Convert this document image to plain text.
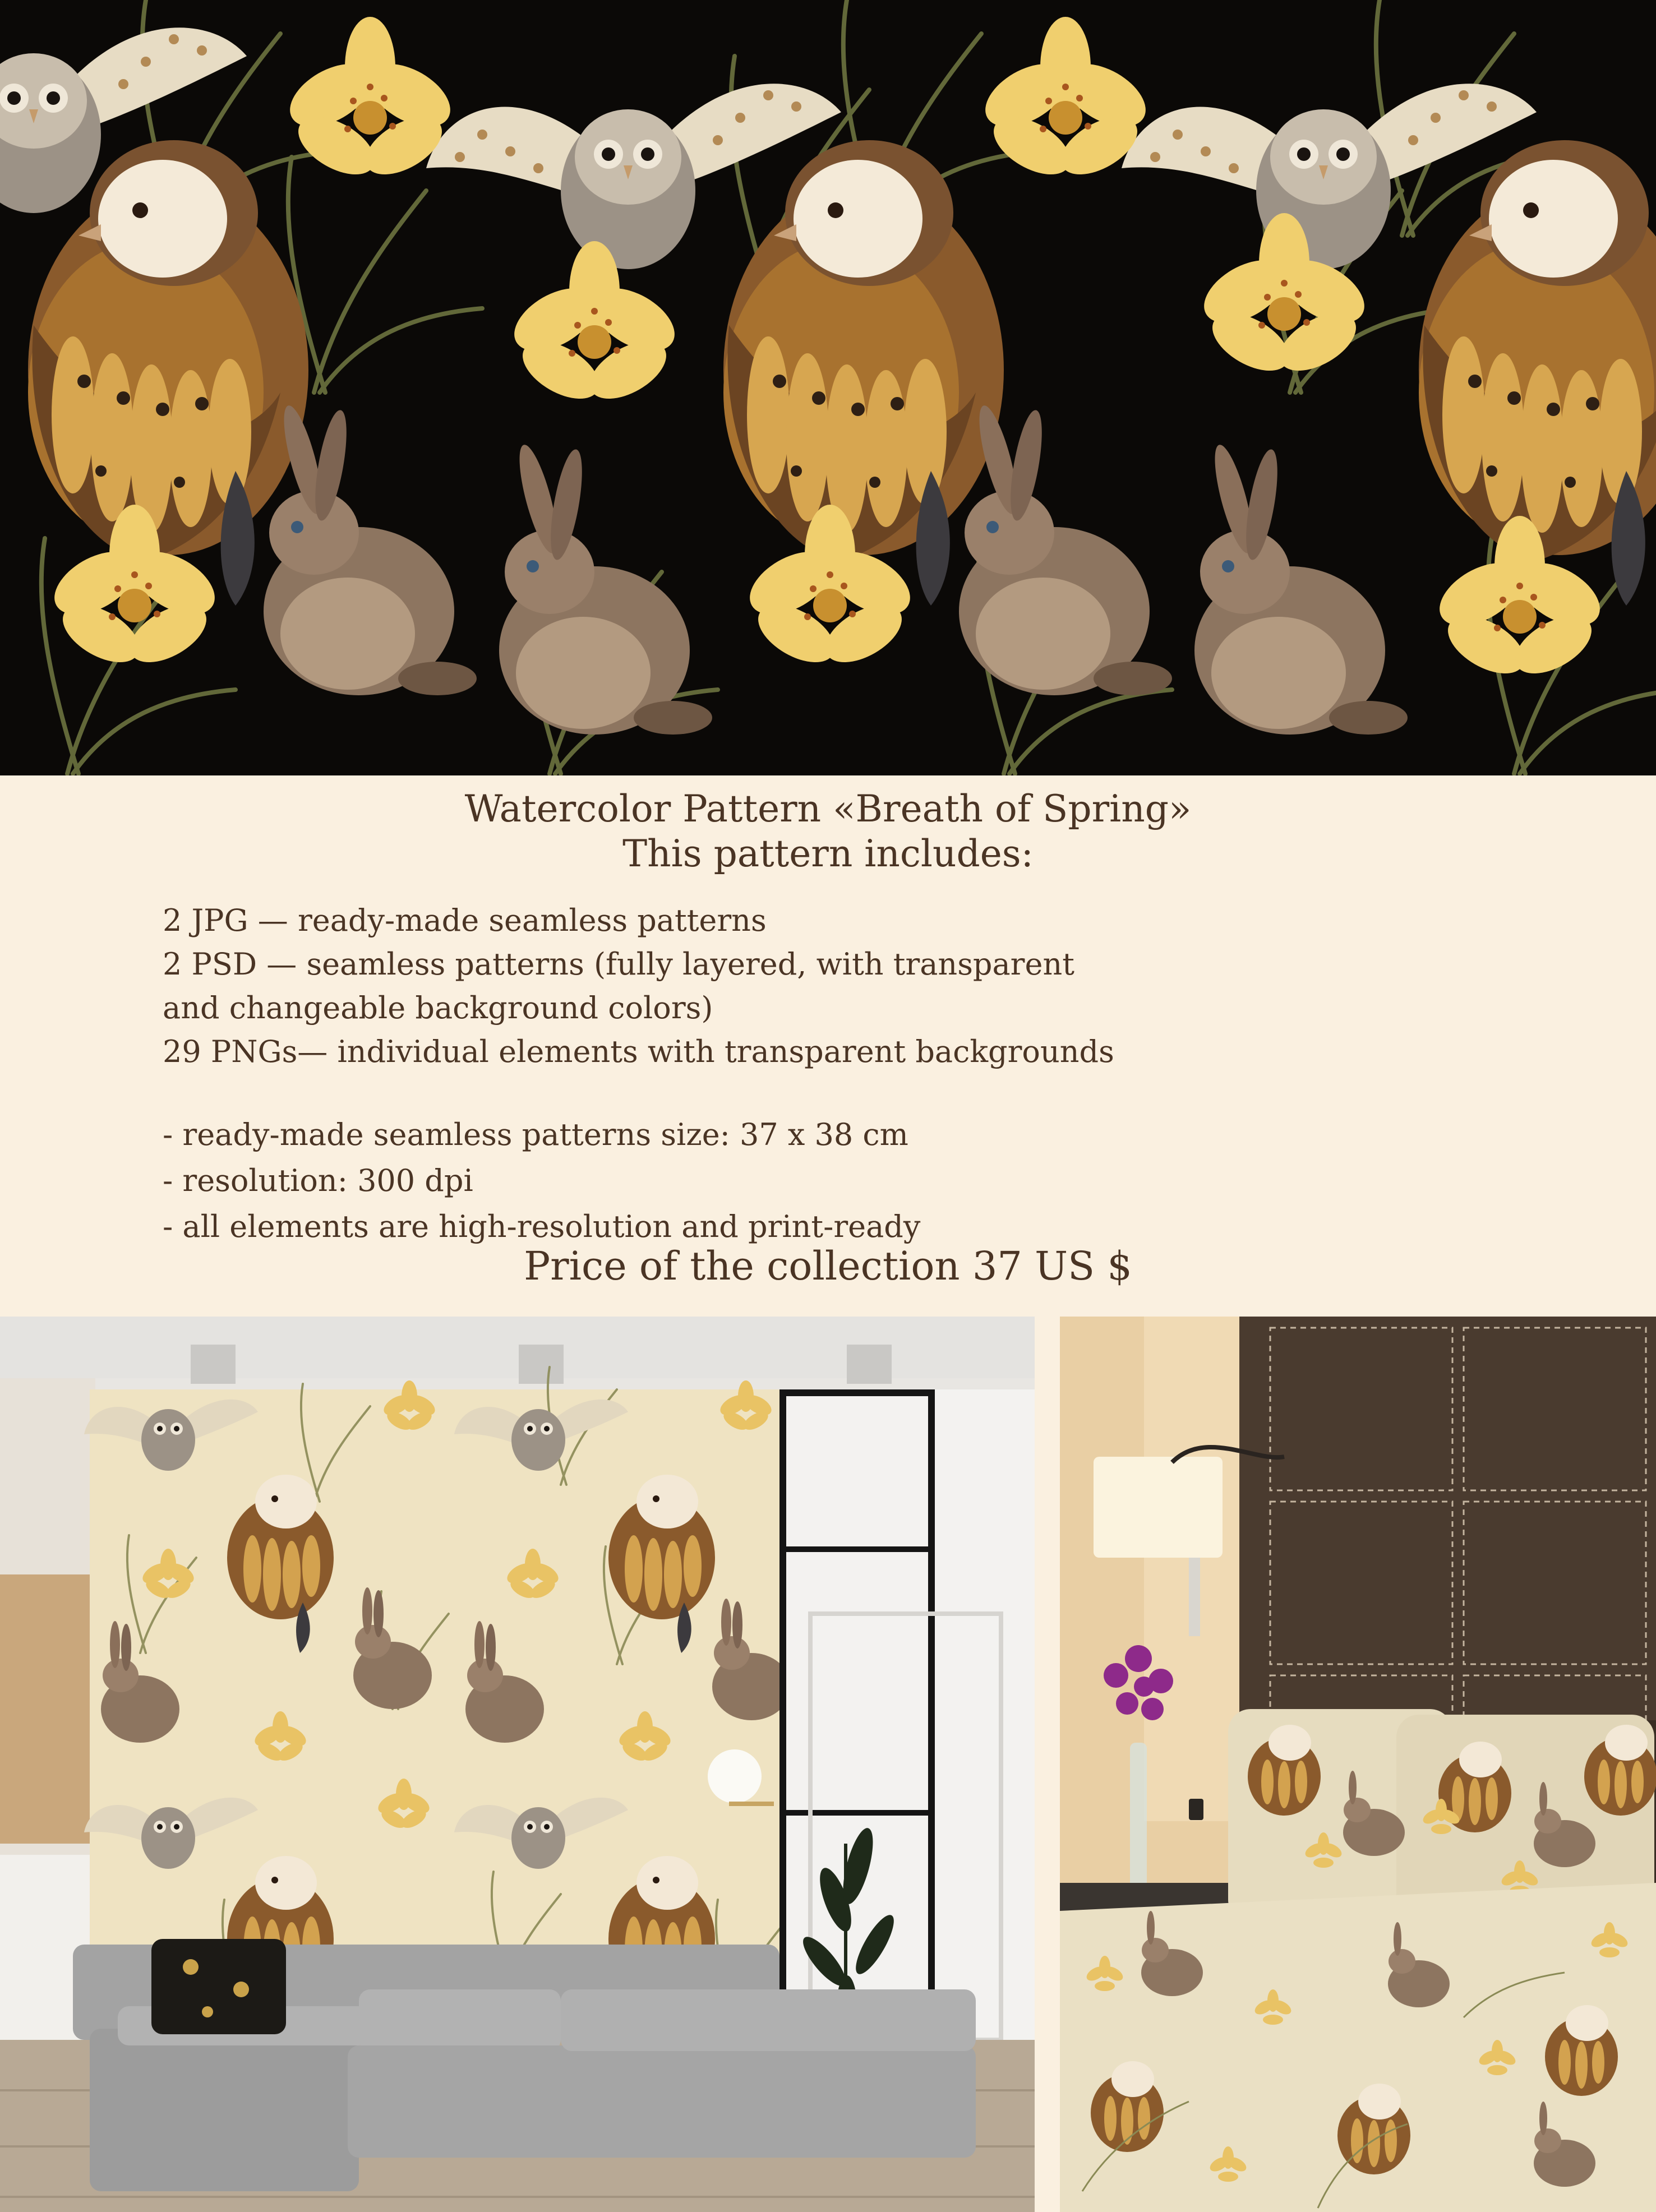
Watercolor Pattern «Breath of Spring»
This pattern includes:
2 JPG — ready-made seamless patterns
2 PSD — seamless patterns (fully layered, with transparent
and changeable background colors)
29 PNGs— individual elements with transparent backgrounds
- ready-made seamless patterns size: 37 x 38 cm
- resolution: 300 dpi
- all elements are high-resolution and print-ready
Price of the collection 37 US $
